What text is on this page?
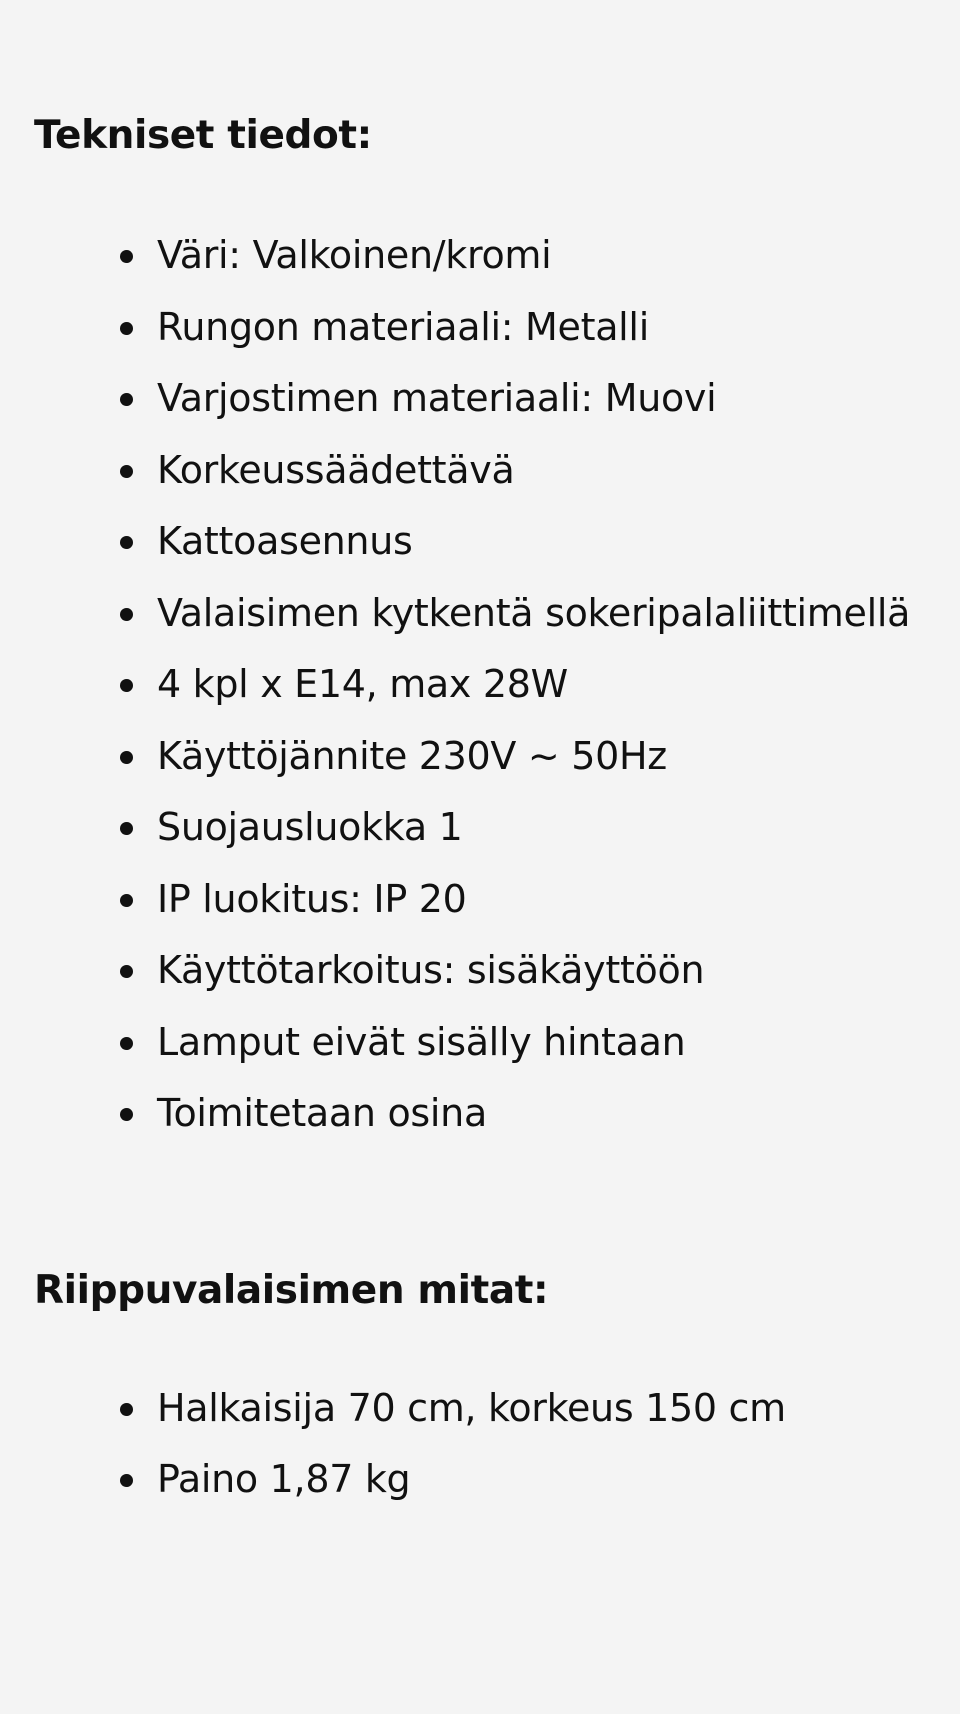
Tekniset tiedot:
Väri: Valkoinen/kromi
Rungon materiaali: Metalli
Varjostimen materiaali: Muovi
Korkeussäädettävä
Kattoasennus
Valaisimen kytkentä sokeripalaliittimellä
4 kpl x E14, max 28W
Käyttöjännite 230V ~ 50Hz
Suojausluokka 1
IP luokitus: IP 20
Käyttötarkoitus: sisäkäyttöön
Lamput eivät sisälly hintaan
Toimitetaan osina
Riippuvalaisimen mitat:
Halkaisija 70 cm, korkeus 150 cm
Paino 1,87 kg
